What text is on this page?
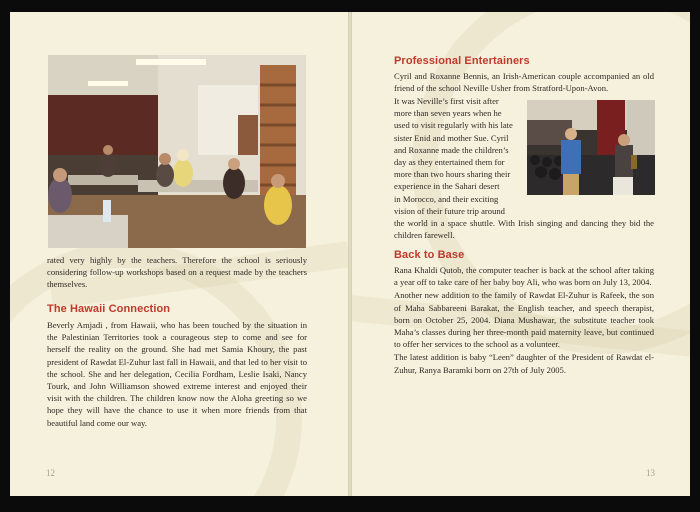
rated very highly by the teachers. Therefore the school is seriously considering follow-up workshops based on a request made by the teachers themselves.

The Hawaii Connection

Beverly Amjadi , from Hawaii, who has been touched by the situation in the Palestinian Territories took a courageous step to come and see for herself the reality on the ground. She had met Samia Khoury, the past president of Rawdat El-Zuhur last fall in Hawaii, and that led to her visit to the school. She and her delegation, Cecilia Fordham, Leslie Isaki, Nancy Tourk, and John Williamson showed extreme interest and enjoyed their visit with the children. The children know now the Aloha greeting so we hope they will have the chance to use it when more friends from that beautiful land come our way.

12
Professional Entertainers

Cyril and Roxanne Bennis, an Irish-American couple accompanied an old friend of the school Neville Usher from Stratford-Upon-Avon.

It was Neville’s first visit after
more than seven years when he
used to visit regularly with his late
sister Enid and mother Sue. Cyril
and Roxanne made the children’s
day as they entertained them for
more than two hours sharing their
experience in the Sahari desert
in Morocco, and their exciting
vision of their future trip around

the world in a space shuttle. With Irish singing and dancing they bid the children farewell.

Back to Base

Rana Khaldi Qutob, the computer teacher is back at the school after taking a year off to take care of her baby boy Ali, who was born on July 13, 2004.

Another new addition to the family of Rawdat El-Zuhur is Rafeek, the son of Maha Sabbareeni Barakat, the English teacher, and speech therapist, born on October 25, 2004. Diana Mushawar, the substitute teacher took Maha’s classes during her three-month paid maternity leave, but continued to offer her services to the school as a volunteer.

The latest addition is baby “Leen” daughter of the President of Rawdat el-Zuhur, Ranya Baramki born on 27th of July 2005.

13
